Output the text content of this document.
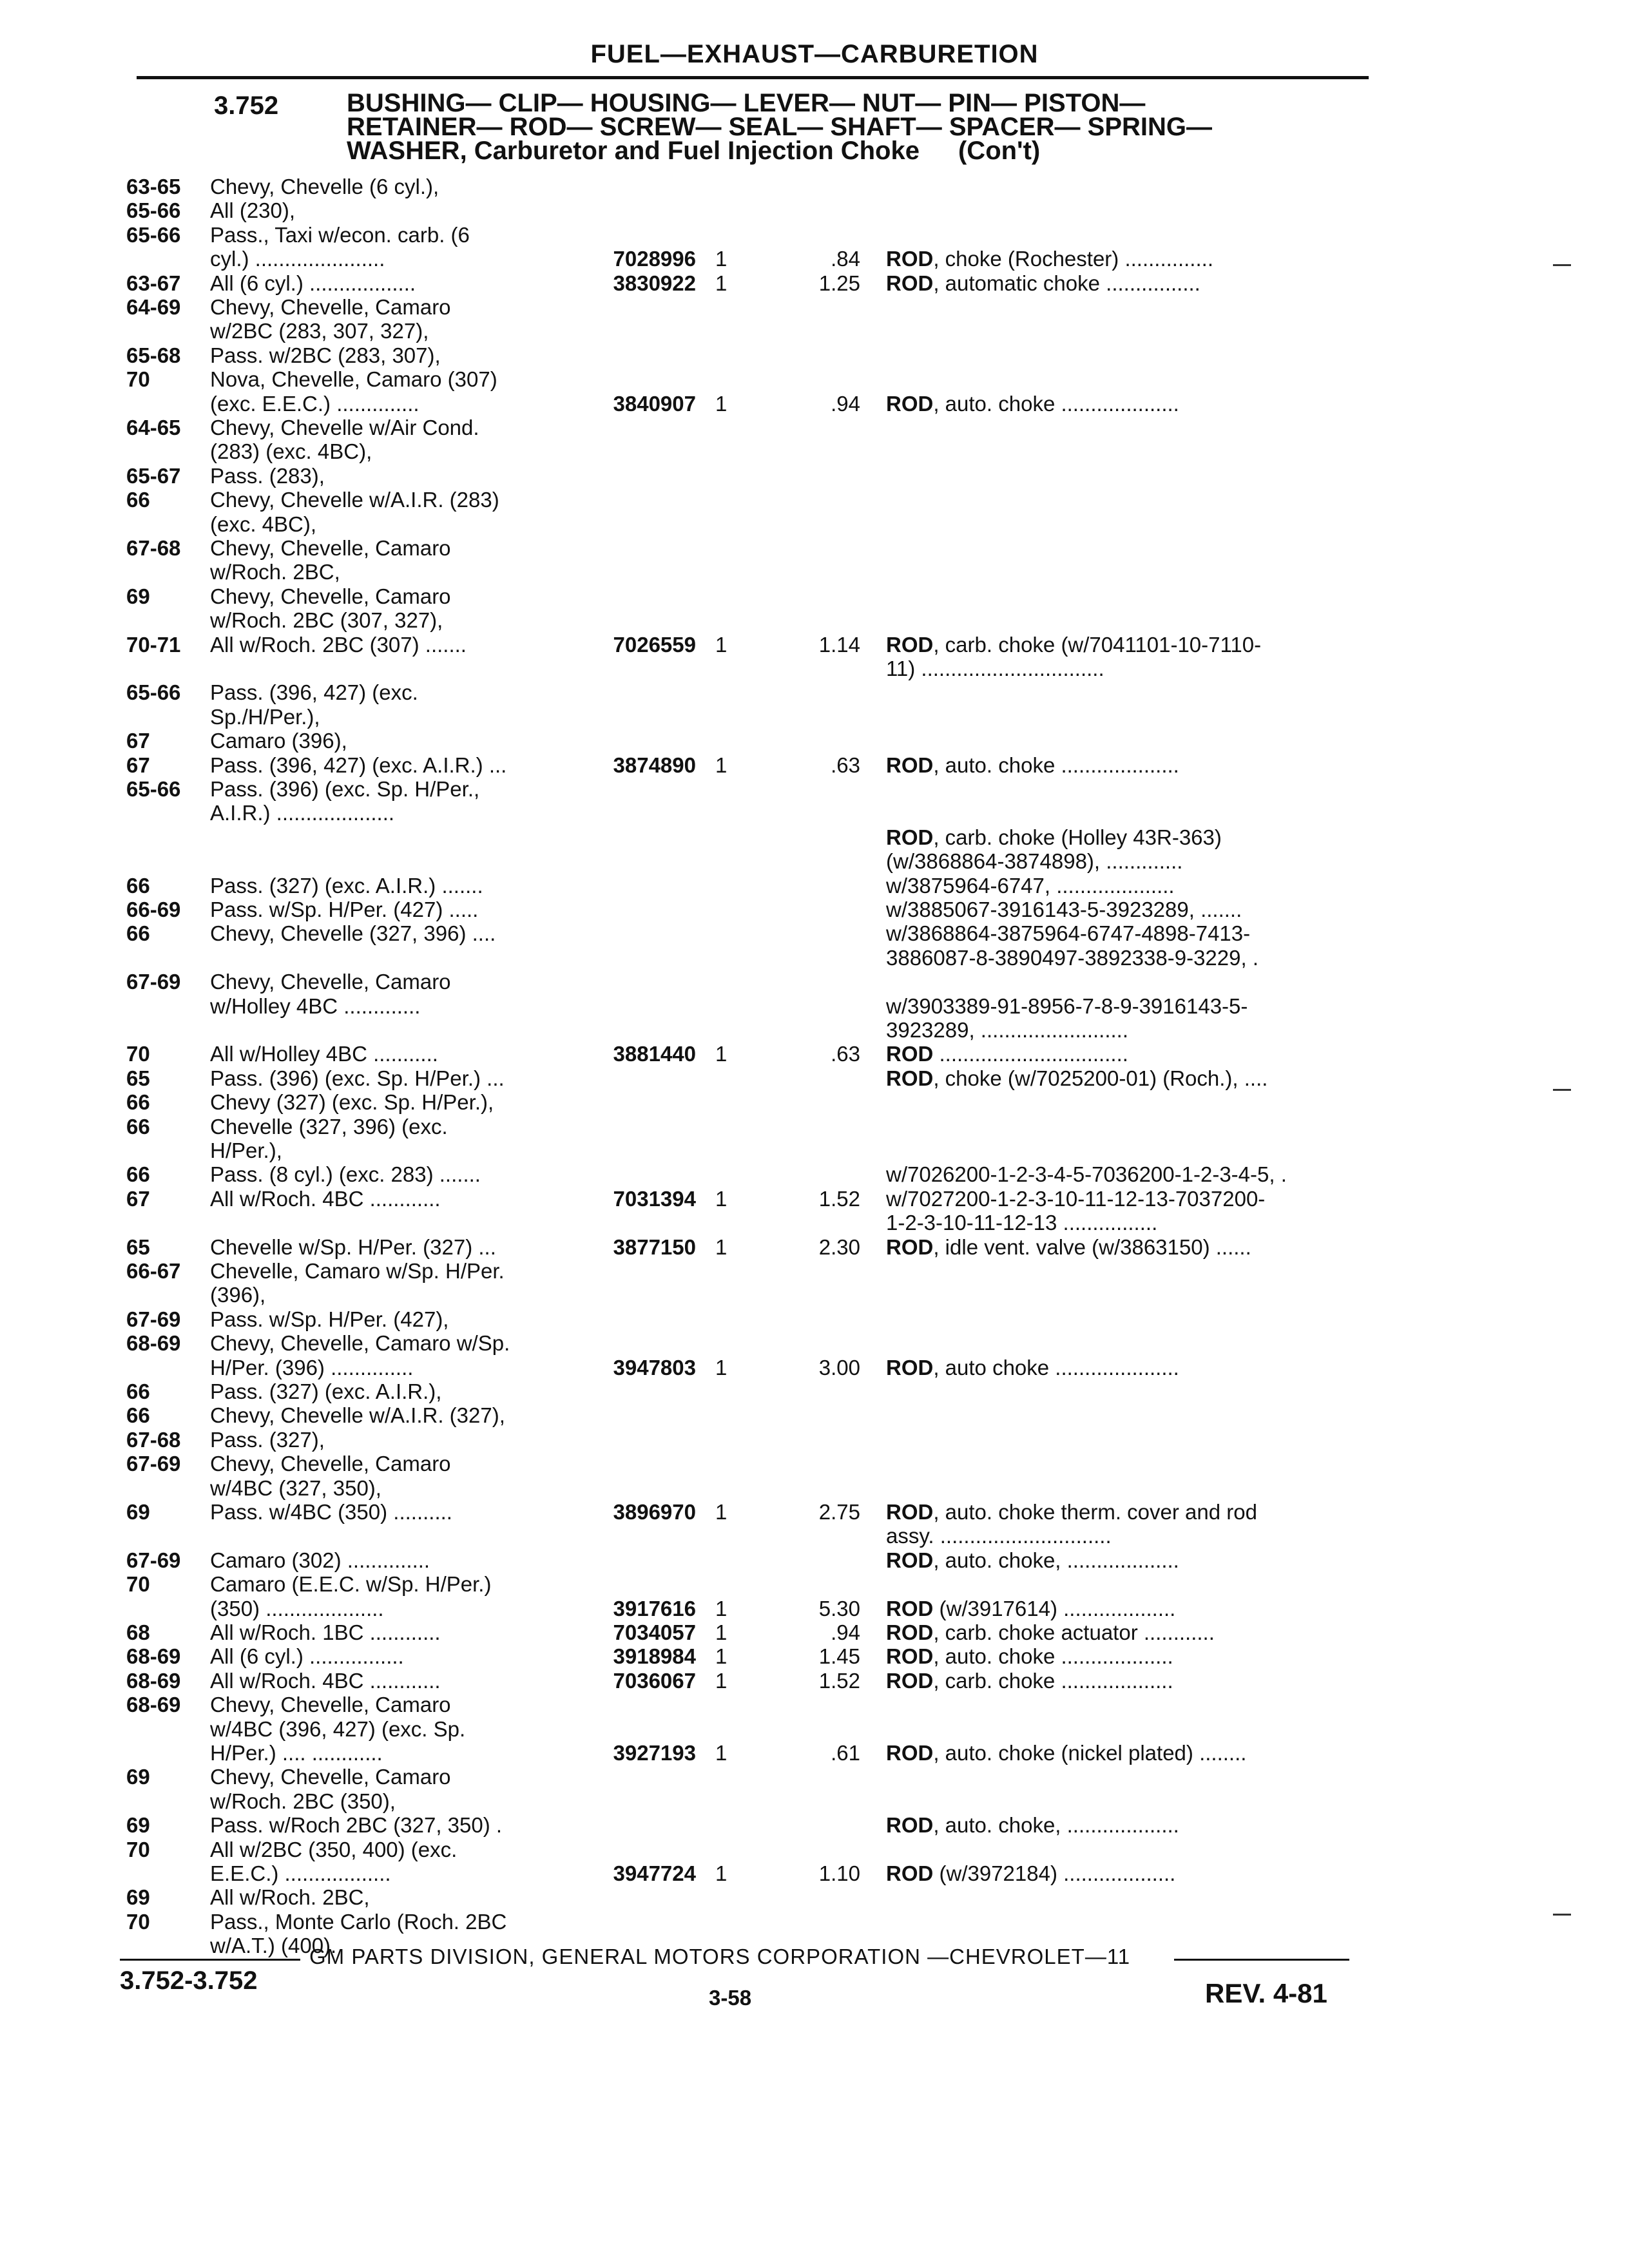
FUEL—EXHAUST—CARBURETION
3.752	BUSHING— CLIP— HOUSING— LEVER— NUT— PIN— PISTON—
RETAINER— ROD— SCREW— SEAL— SHAFT— SPACER— SPRING—
WASHER, Carburetor and Fuel Injection Choke (Con't)
63-65	Chevy, Chevelle (6 cyl.),
65-66	All (230),
65-66	Pass., Taxi w/econ. carb. (6
cyl.) ......................	7028996 1	.84 ROD, choke (Rochester) ...............
63-67	All (6 cyl.) ..................	3830922 1	1.25 ROD, automatic choke ................
64-69	Chevy, Chevelle, Camaro
w/2BC (283, 307, 327),
65-68	Pass. w/2BC (283, 307),
70	Nova, Chevelle, Camaro (307)
(exc. E.E.C.) ..............	3840907 1	.94 ROD, auto. choke ....................
64-65	Chevy, Chevelle w/Air Cond.
(283) (exc. 4BC),
65-67	Pass. (283),
66	Chevy, Chevelle w/A.I.R. (283)
(exc. 4BC),
67-68	Chevy, Chevelle, Camaro
w/Roch. 2BC,
69	Chevy, Chevelle, Camaro
w/Roch. 2BC (307, 327),
70-71	All w/Roch. 2BC (307) .......	7026559 1	1.14 ROD, carb. choke (w/7041101-10-7110-
11) ...............................
65-66	Pass. (396, 427) (exc.
Sp./H/Per.),
67	Camaro (396),
67	Pass. (396, 427) (exc. A.I.R.) ...	3874890 1	.63 ROD, auto. choke ....................
65-66	Pass. (396) (exc. Sp. H/Per.,
A.I.R.) ....................
ROD, carb. choke (Holley 43R-363)
(w/3868864-3874898), .............
66	Pass. (327) (exc. A.I.R.) .......	w/3875964-6747, ....................
66-69	Pass. w/Sp. H/Per. (427) .....	w/3885067-3916143-5-3923289, .......
66	Chevy, Chevelle (327, 396) ....	w/3868864-3875964-6747-4898-7413-
3886087-8-3890497-3892338-9-3229, .
67-69	Chevy, Chevelle, Camaro
w/Holley 4BC .............	w/3903389-91-8956-7-8-9-3916143-5-
3923289, .........................
70	All w/Holley 4BC ...........	3881440 1	.63 ROD ................................
65	Pass. (396) (exc. Sp. H/Per.) ...	ROD, choke (w/7025200-01) (Roch.), ....
66	Chevy (327) (exc. Sp. H/Per.),
66	Chevelle (327, 396) (exc.
H/Per.),
66	Pass. (8 cyl.) (exc. 283) .......	w/7026200-1-2-3-4-5-7036200-1-2-3-4-5, .
67	All w/Roch. 4BC ............	7031394 1	1.52 w/7027200-1-2-3-10-11-12-13-7037200-
1-2-3-10-11-12-13 ................
65	Chevelle w/Sp. H/Per. (327) ...	3877150 1	2.30 ROD, idle vent. valve (w/3863150) ......
66-67	Chevelle, Camaro w/Sp. H/Per.
(396),
67-69	Pass. w/Sp. H/Per. (427),
68-69	Chevy, Chevelle, Camaro w/Sp.
H/Per. (396) ..............	3947803 1	3.00 ROD, auto choke .....................
66	Pass. (327) (exc. A.I.R.),
66	Chevy, Chevelle w/A.I.R. (327),
67-68	Pass. (327),
67-69	Chevy, Chevelle, Camaro
w/4BC (327, 350),
69	Pass. w/4BC (350) ..........	3896970 1	2.75 ROD, auto. choke therm. cover and rod
assy. .............................
67-69	Camaro (302) ..............	ROD, auto. choke, ...................
70	Camaro (E.E.C. w/Sp. H/Per.)
(350) ....................	3917616 1	5.30 ROD (w/3917614) ...................
68	All w/Roch. 1BC ............	7034057 1	.94 ROD, carb. choke actuator ............
68-69	All (6 cyl.) ................	3918984 1	1.45 ROD, auto. choke ...................
68-69	All w/Roch. 4BC ............	7036067 1	1.52 ROD, carb. choke ...................
68-69	Chevy, Chevelle, Camaro
w/4BC (396, 427) (exc. Sp.
H/Per.) .... ............	3927193 1	.61 ROD, auto. choke (nickel plated) ........
69	Chevy, Chevelle, Camaro
w/Roch. 2BC (350),
69	Pass. w/Roch 2BC (327, 350) .	ROD, auto. choke, ...................
70	All w/2BC (350, 400) (exc.
E.E.C.) ..................	3947724 1	1.10 ROD (w/3972184) ...................
69	All w/Roch. 2BC,
70	Pass., Monte Carlo (Roch. 2BC
w/A.T.) (400).
GM PARTS DIVISION, GENERAL MOTORS CORPORATION —CHEVROLET—11
3.752-3.752
3-58	REV. 4-81
